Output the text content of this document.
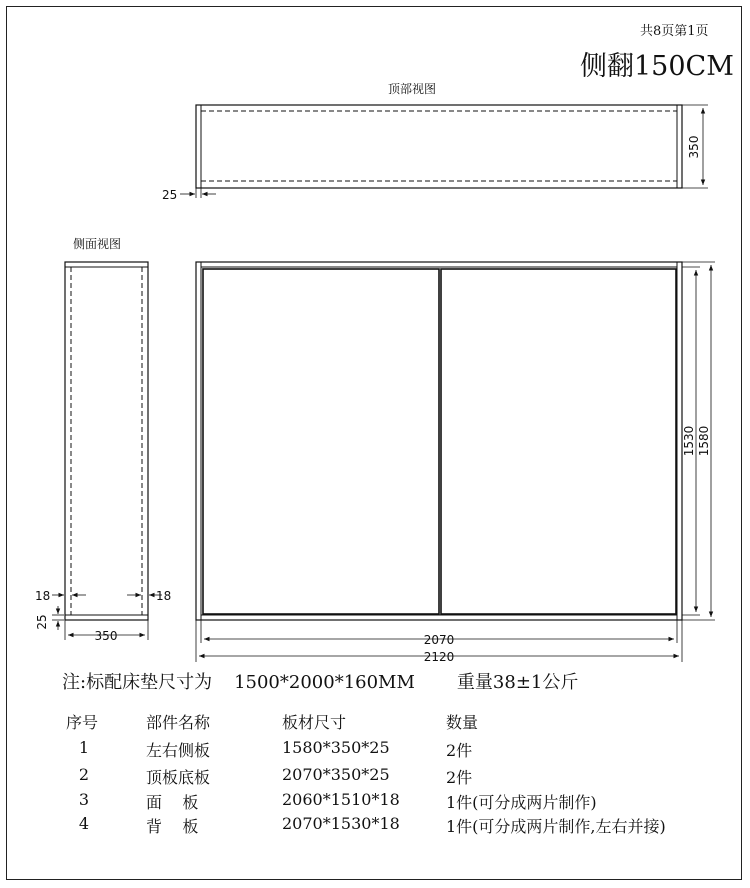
共8页第1页
侧翻150CM
顶部视图
350
25
侧面视图
18	18
25
350
1530 1580
2070
2120
注:标配床垫尺寸为 1500*2000*160MM 重量38±1公斤
序号	部件名称	板材尺寸	数量
1	左右侧板	1580*350*25	2件
2	顶板底板	2070*350*25	2件
3	面    板	2060*1510*18	1件(可分成两片制作)
4	背    板	2070*1530*18	1件(可分成两片制作,左右并接)
